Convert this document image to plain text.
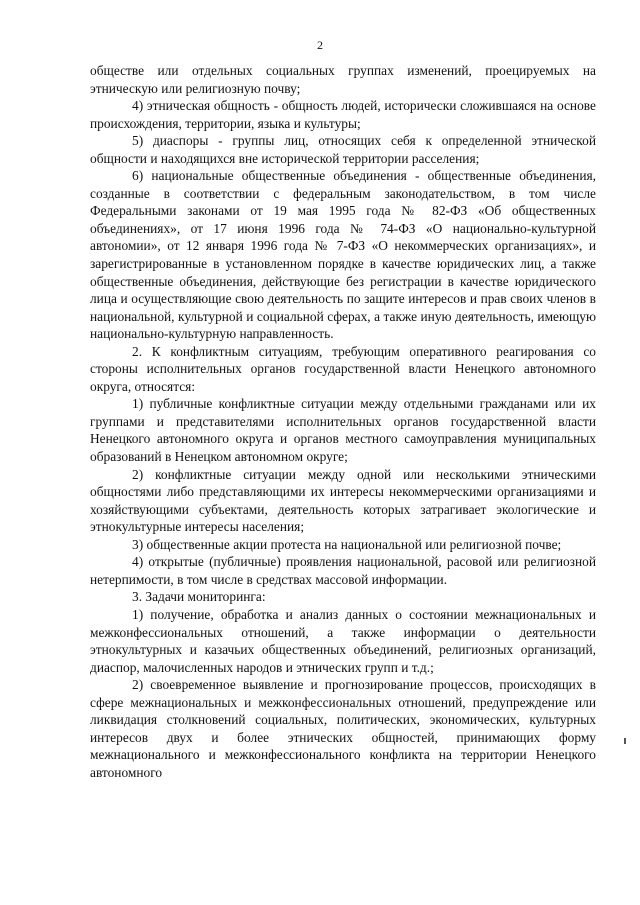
2

обществе или отдельных социальных группах изменений, проецируемых на этническую или религиозную почву;

4) этническая общность - общность людей, исторически сложившаяся на основе происхождения, территории, языка и культуры;

5) диаспоры - группы лиц, относящих себя к определенной этнической общности и находящихся вне исторической территории расселения;

6) национальные общественные объединения - общественные объединения, созданные в соответствии с федеральным законодательством, в том числе Федеральными законами от 19 мая 1995 года № 82-ФЗ «Об общественных объединениях», от 17 июня 1996 года № 74-ФЗ «О национально-культурной автономии», от 12 января 1996 года № 7-ФЗ «О некоммерческих организациях», и зарегистрированные в установленном порядке в качестве юридических лиц, а также общественные объединения, действующие без регистрации в качестве юридического лица и осуществляющие свою деятельность по защите интересов и прав своих членов в национальной, культурной и социальной сферах, а также иную деятельность, имеющую национально-культурную направленность.

2. К конфликтным ситуациям, требующим оперативного реагирования со стороны исполнительных органов государственной власти Ненецкого автономного округа, относятся:

1) публичные конфликтные ситуации между отдельными гражданами или их группами и представителями исполнительных органов государственной власти Ненецкого автономного округа и органов местного самоуправления муниципальных образований в Ненецком автономном округе;

2) конфликтные ситуации между одной или несколькими этническими общностями либо представляющими их интересы некоммерческими организациями и хозяйствующими субъектами, деятельность которых затрагивает экологические и этнокультурные интересы населения;

3) общественные акции протеста на национальной или религиозной почве;

4) открытые (публичные) проявления национальной, расовой или религиозной нетерпимости, в том числе в средствах массовой информации.

3. Задачи мониторинга:

1) получение, обработка и анализ данных о состоянии межнациональных и межконфессиональных отношений, а также информации о деятельности этнокультурных и казачьих общественных объединений, религиозных организаций, диаспор, малочисленных народов и этнических групп и т.д.;

2) своевременное выявление и прогнозирование процессов, происходящих в сфере межнациональных и межконфессиональных отношений, предупреждение или ликвидация столкновений социальных, политических, экономических, культурных интересов двух и более этнических общностей, принимающих форму межнационального и межконфессионального конфликта на территории Ненецкого автономного
